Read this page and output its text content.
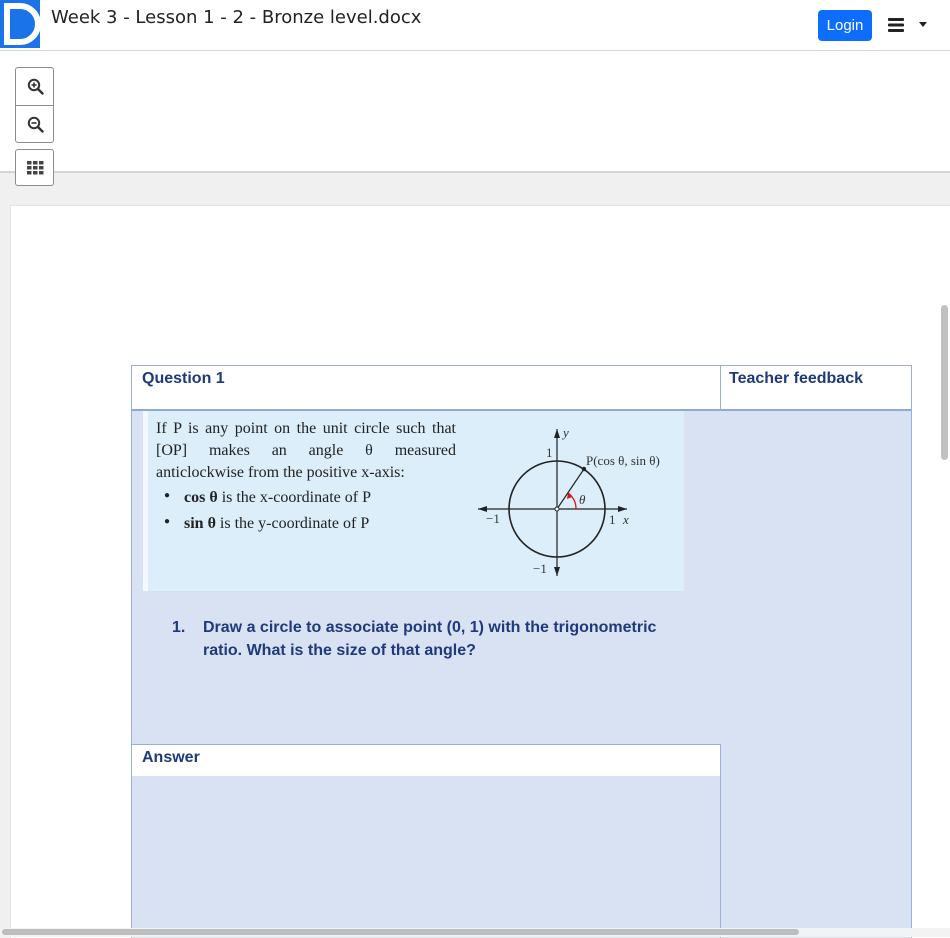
Week 3 - Lesson 1 - 2 - Bronze level.docx	Login
Question 1	Teacher feedback
If P is any point on the unit circle such that [OP] makes an angle θ measured anticlockwise from the positive x-axis:
● cos θ is the x-coordinate of P
● sin θ is the y-coordinate of P
θ
P(cos θ, sin θ)
y
x
1
−1
−1	1
1. Draw a circle to associate point (0, 1) with the trigonometric ratio. What is the size of that angle?
Answer
